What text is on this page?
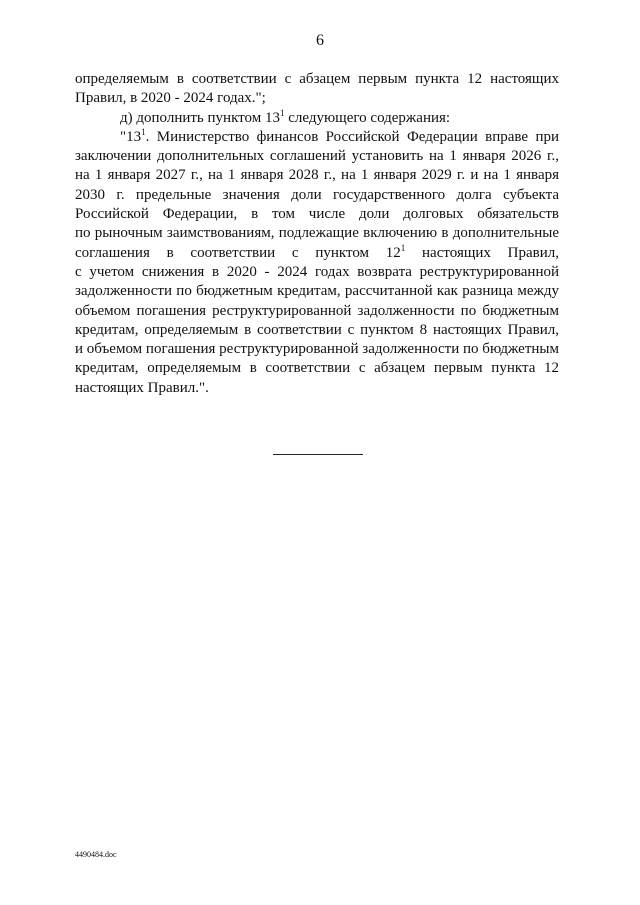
6

определяемым в соответствии с абзацем первым пункта 12 настоящих
Правил, в 2020 - 2024 годах.";

д) дополнить пунктом $13^1$ следующего содержания:

"$13^1$. Министерство финансов Российской Федерации вправе при
заключении дополнительных соглашений установить на 1 января 2026 г.,
на 1 января 2027 г., на 1 января 2028 г., на 1 января 2029 г. и на 1 января
2030 г. предельные значения доли государственного долга субъекта
Российской Федерации, в том числе доли долговых обязательств
по рыночным заимствованиям, подлежащие включению в дополнительные
соглашения в соответствии с пунктом $12^1$ настоящих Правил,
с учетом снижения в 2020 - 2024 годах возврата реструктурированной
задолженности по бюджетным кредитам, рассчитанной как разница между
объемом погашения реструктурированной задолженности по бюджетным
кредитам, определяемым в соответствии с пунктом 8 настоящих Правил,
и объемом погашения реструктурированной задолженности по бюджетным
кредитам, определяемым в соответствии с абзацем первым пункта 12
настоящих Правил.".

4490484.doc
